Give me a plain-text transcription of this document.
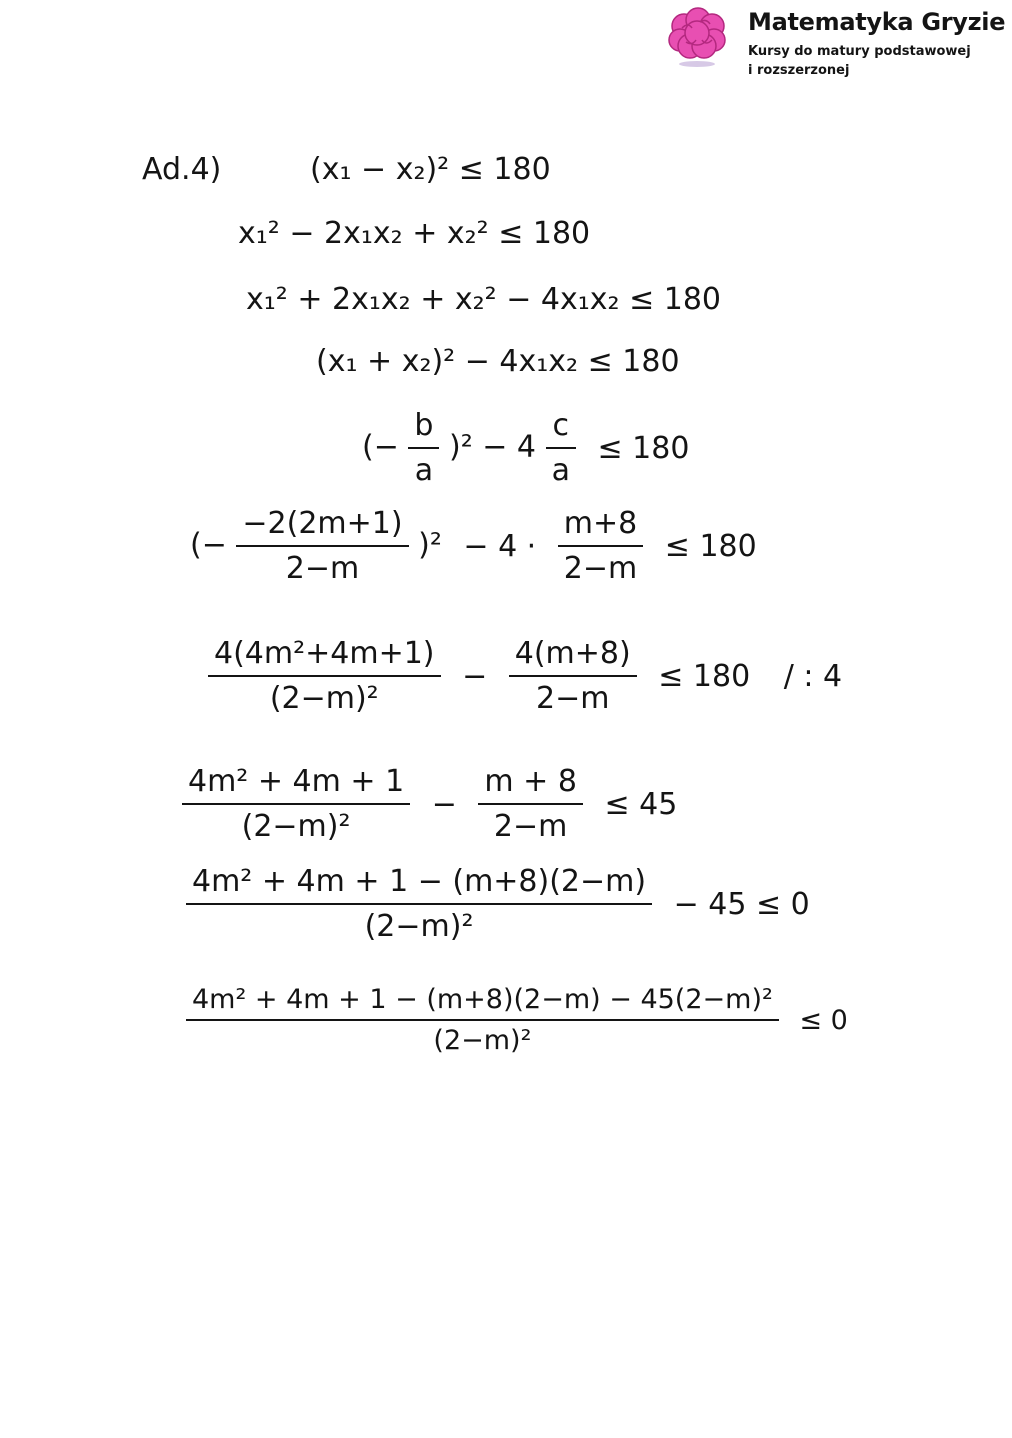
Matematyka Gryzie
Kursy do matury podstawowej
i rozszerzonej
Ad.4)	(x₁ − x₂)² ≤ 180
x₁² − 2x₁x₂ + x₂² ≤ 180
x₁² + 2x₁x₂ + x₂² − 4x₁x₂ ≤ 180
(x₁ + x₂)² − 4x₁x₂ ≤ 180
(− $\frac{b}{a} )^2 - 4 \frac{c}{a} \le 180$
(− $\frac{-2(2m+1)}{2-m} )^2 - 4 \cdot \frac{m+8}{2-m} \le 180$
$\frac{\text{4(4m²+4m+1)}}{\text{(2−m)²}} - \frac{4(m+8)}{2-m} \le 180$ / : 4
$\frac{\text{4m² + 4m + 1}}{\text{(2−m)²}} - \frac{m + 8}{2-m} \le 45$
$\frac{\text{4m² + 4m + 1 − (m+8)(2−m)}}{\text{(2−m)²}} - 45 \le 0$
$\frac{\text{4m² + 4m + 1 − (m+8)(2−m) − 45(2−m)²}}{\text{(2−m)²}} \le 0$
